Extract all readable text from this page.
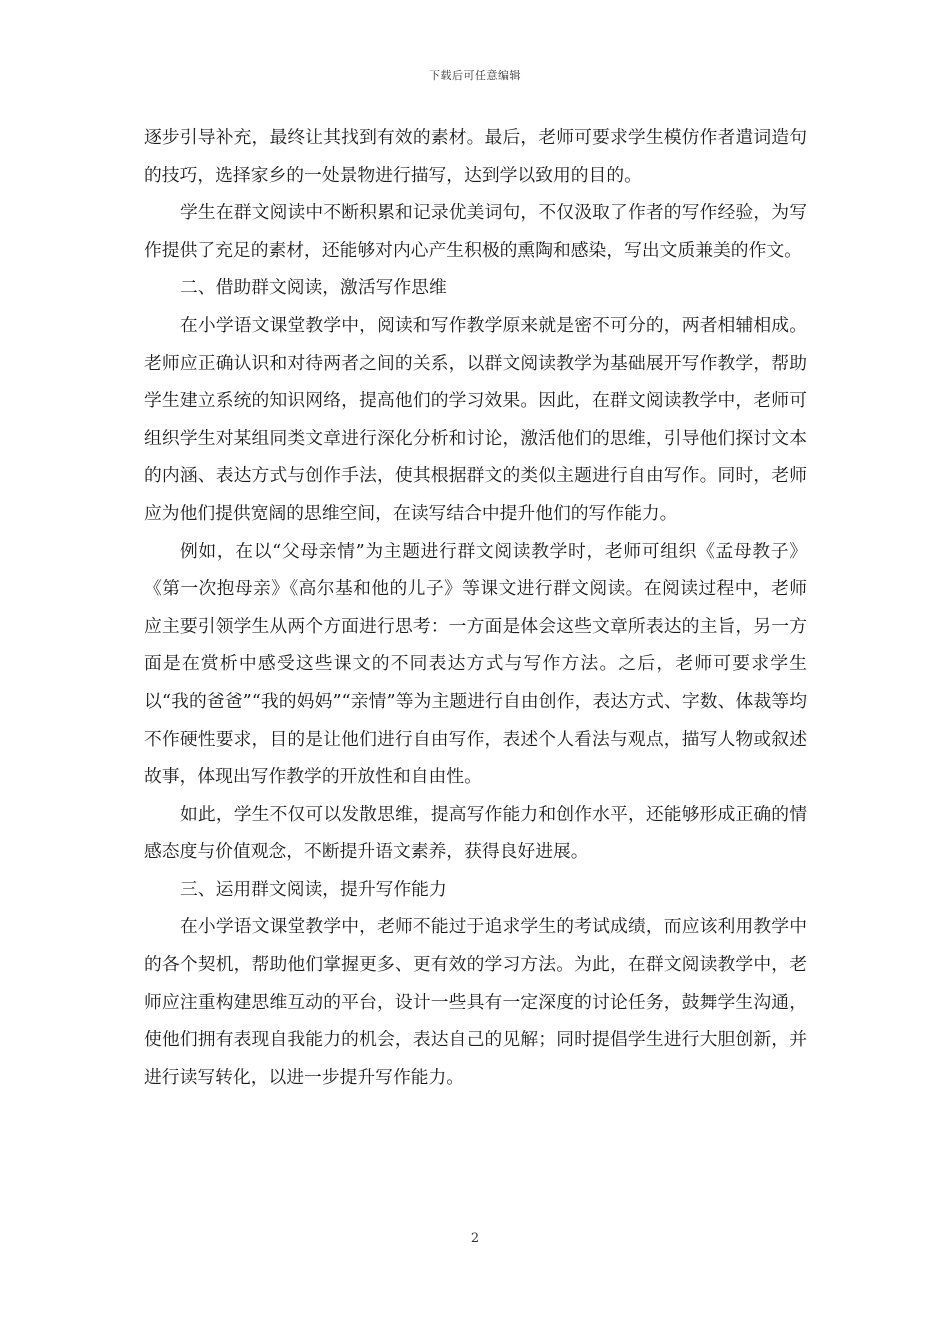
下载后可任意编辑

逐步引导补充，最终让其找到有效的素材。最后，老师可要求学生模仿作者遣词造句的技巧，选择家乡的一处景物进行描写，达到学以致用的目的。

学生在群文阅读中不断积累和记录优美词句，不仅汲取了作者的写作经验，为写作提供了充足的素材，还能够对内心产生积极的熏陶和感染，写出文质兼美的作文。

二、借助群文阅读，激活写作思维

在小学语文课堂教学中，阅读和写作教学原来就是密不可分的，两者相辅相成。老师应正确认识和对待两者之间的关系，以群文阅读教学为基础展开写作教学，帮助学生建立系统的知识网络，提高他们的学习效果。因此，在群文阅读教学中，老师可组织学生对某组同类文章进行深化分析和讨论，激活他们的思维，引导他们探讨文本的内涵、表达方式与创作手法，使其根据群文的类似主题进行自由写作。同时，老师应为他们提供宽阔的思维空间，在读写结合中提升他们的写作能力。

例如，在以“父母亲情”为主题进行群文阅读教学时，老师可组织《孟母教子》《第一次抱母亲》《高尔基和他的儿子》等课文进行群文阅读。在阅读过程中，老师应主要引领学生从两个方面进行思考：一方面是体会这些文章所表达的主旨，另一方面是在赏析中感受这些课文的不同表达方式与写作方法。之后，老师可要求学生以“我的爸爸”“我的妈妈”“亲情”等为主题进行自由创作，表达方式、字数、体裁等均不作硬性要求，目的是让他们进行自由写作，表述个人看法与观点，描写人物或叙述故事，体现出写作教学的开放性和自由性。

如此，学生不仅可以发散思维，提高写作能力和创作水平，还能够形成正确的情感态度与价值观念，不断提升语文素养，获得良好进展。

三、运用群文阅读，提升写作能力

在小学语文课堂教学中，老师不能过于追求学生的考试成绩，而应该利用教学中的各个契机，帮助他们掌握更多、更有效的学习方法。为此，在群文阅读教学中，老师应注重构建思维互动的平台，设计一些具有一定深度的讨论任务，鼓舞学生沟通，使他们拥有表现自我能力的机会，表达自己的见解；同时提倡学生进行大胆创新，并进行读写转化，以进一步提升写作能力。

2
